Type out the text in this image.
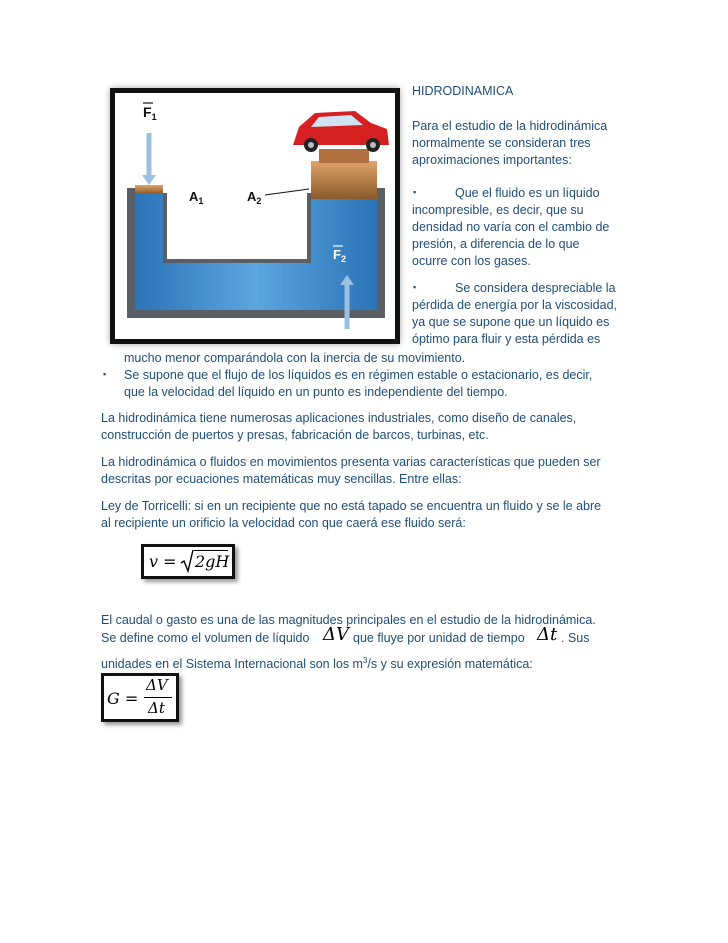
$F_1$
$A_1$	$A_2$
$F_2$
HIDRODINAMICA
Para el estudio de la hidrodinámica
normalmente se consideran tres
aproximaciones importantes:
▪	Que el fluido es un líquido
incompresible, es decir, que su
densidad no varía con el cambio de
presión, a diferencia de lo que
ocurre con los gases.
▪	Se considera despreciable la
pérdida de energía por la viscosidad,
ya que se supone que un líquido es
óptimo para fluir y esta pérdida es
mucho menor comparándola con la inercia de su movimiento.
▪ Se supone que el flujo de los líquidos es en régimen estable o estacionario, es decir,
que la velocidad del líquido en un punto es independiente del tiempo.
La hidrodinámica tiene numerosas aplicaciones industriales, como diseño de canales,
construcción de puertos y presas, fabricación de barcos, turbinas, etc.
La hidrodinámica o fluidos en movimientos presenta varias características que pueden ser
descritas por ecuaciones matemáticas muy sencillas. Entre ellas:
Ley de Torricelli: si en un recipiente que no está tapado se encuentra un fluido y se le abre
al recipiente un orificio la velocidad con que caerá ese fluido será:
v = 2gH
El caudal o gasto es una de las magnitudes principales en el estudio de la hidrodinámica.
Se define como el volumen de líquido ΔV que fluye por unidad de tiempo Δt . Sus
unidades en el Sistema Internacional son los $m^3/s$ y su expresión matemática:
G =
ΔV
Δt
